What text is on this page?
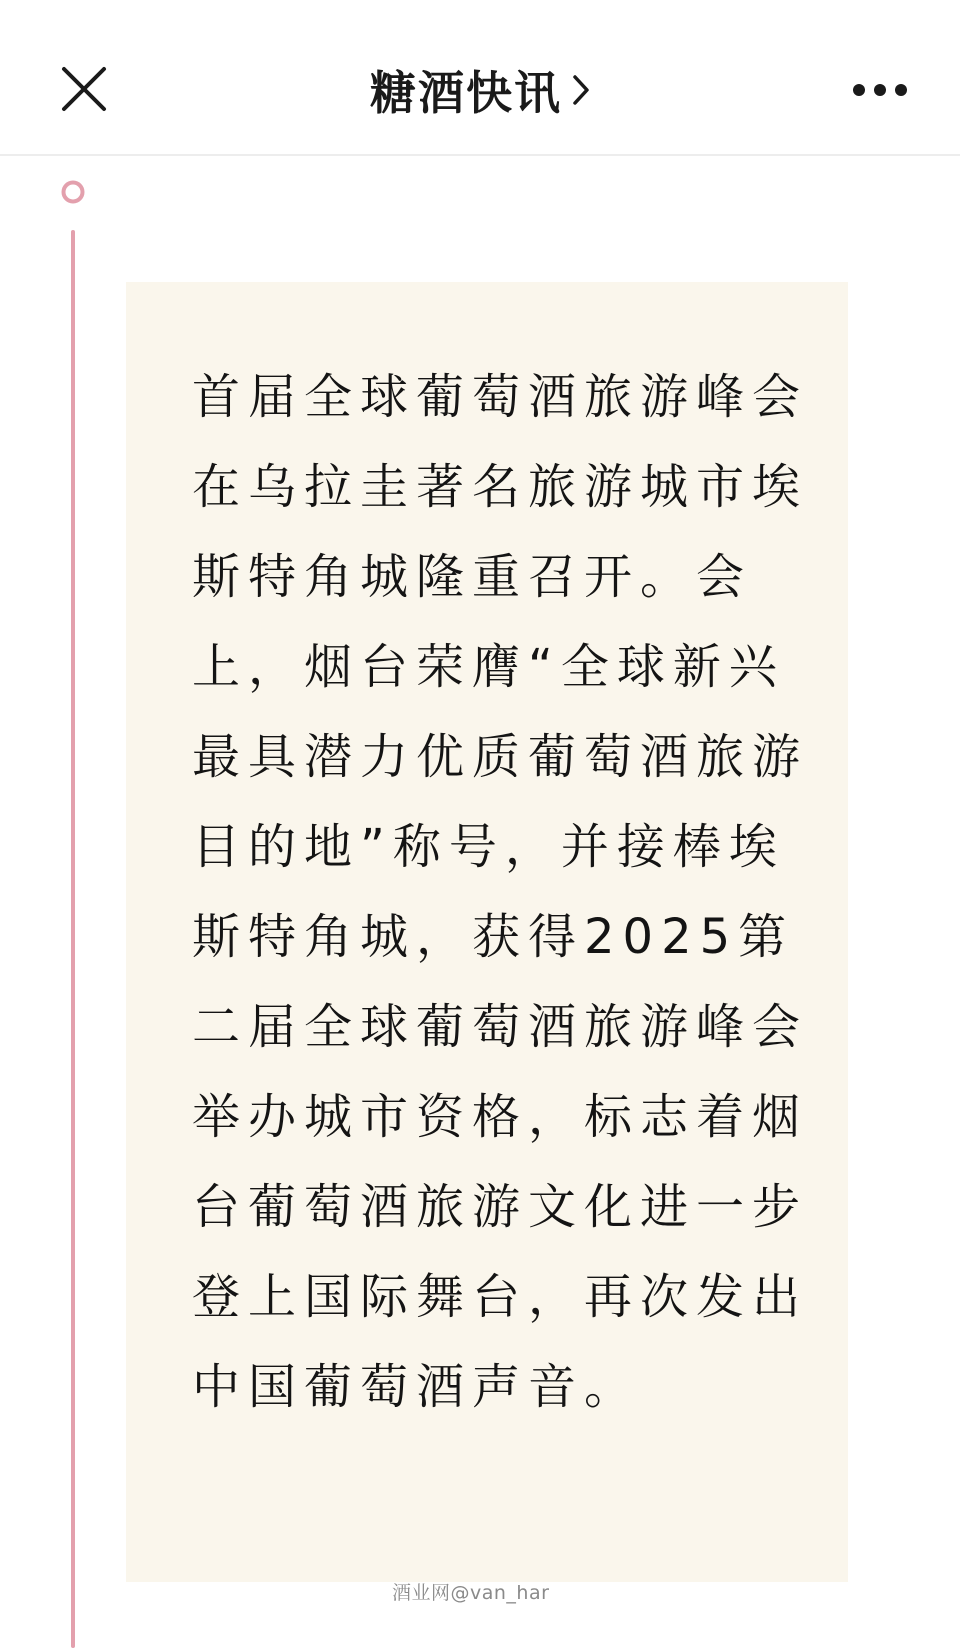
糖酒快讯
首届全球葡萄酒旅游峰会
在乌拉圭著名旅游城市埃
斯特角城隆重召开。会
上，烟台荣膺“全球新兴
最具潜力优质葡萄酒旅游
目的地”称号，并接棒埃
斯特角城，获得2025第
二届全球葡萄酒旅游峰会
举办城市资格，标志着烟
台葡萄酒旅游文化进一步
登上国际舞台，再次发出
中国葡萄酒声音。
酒业网@van_har
